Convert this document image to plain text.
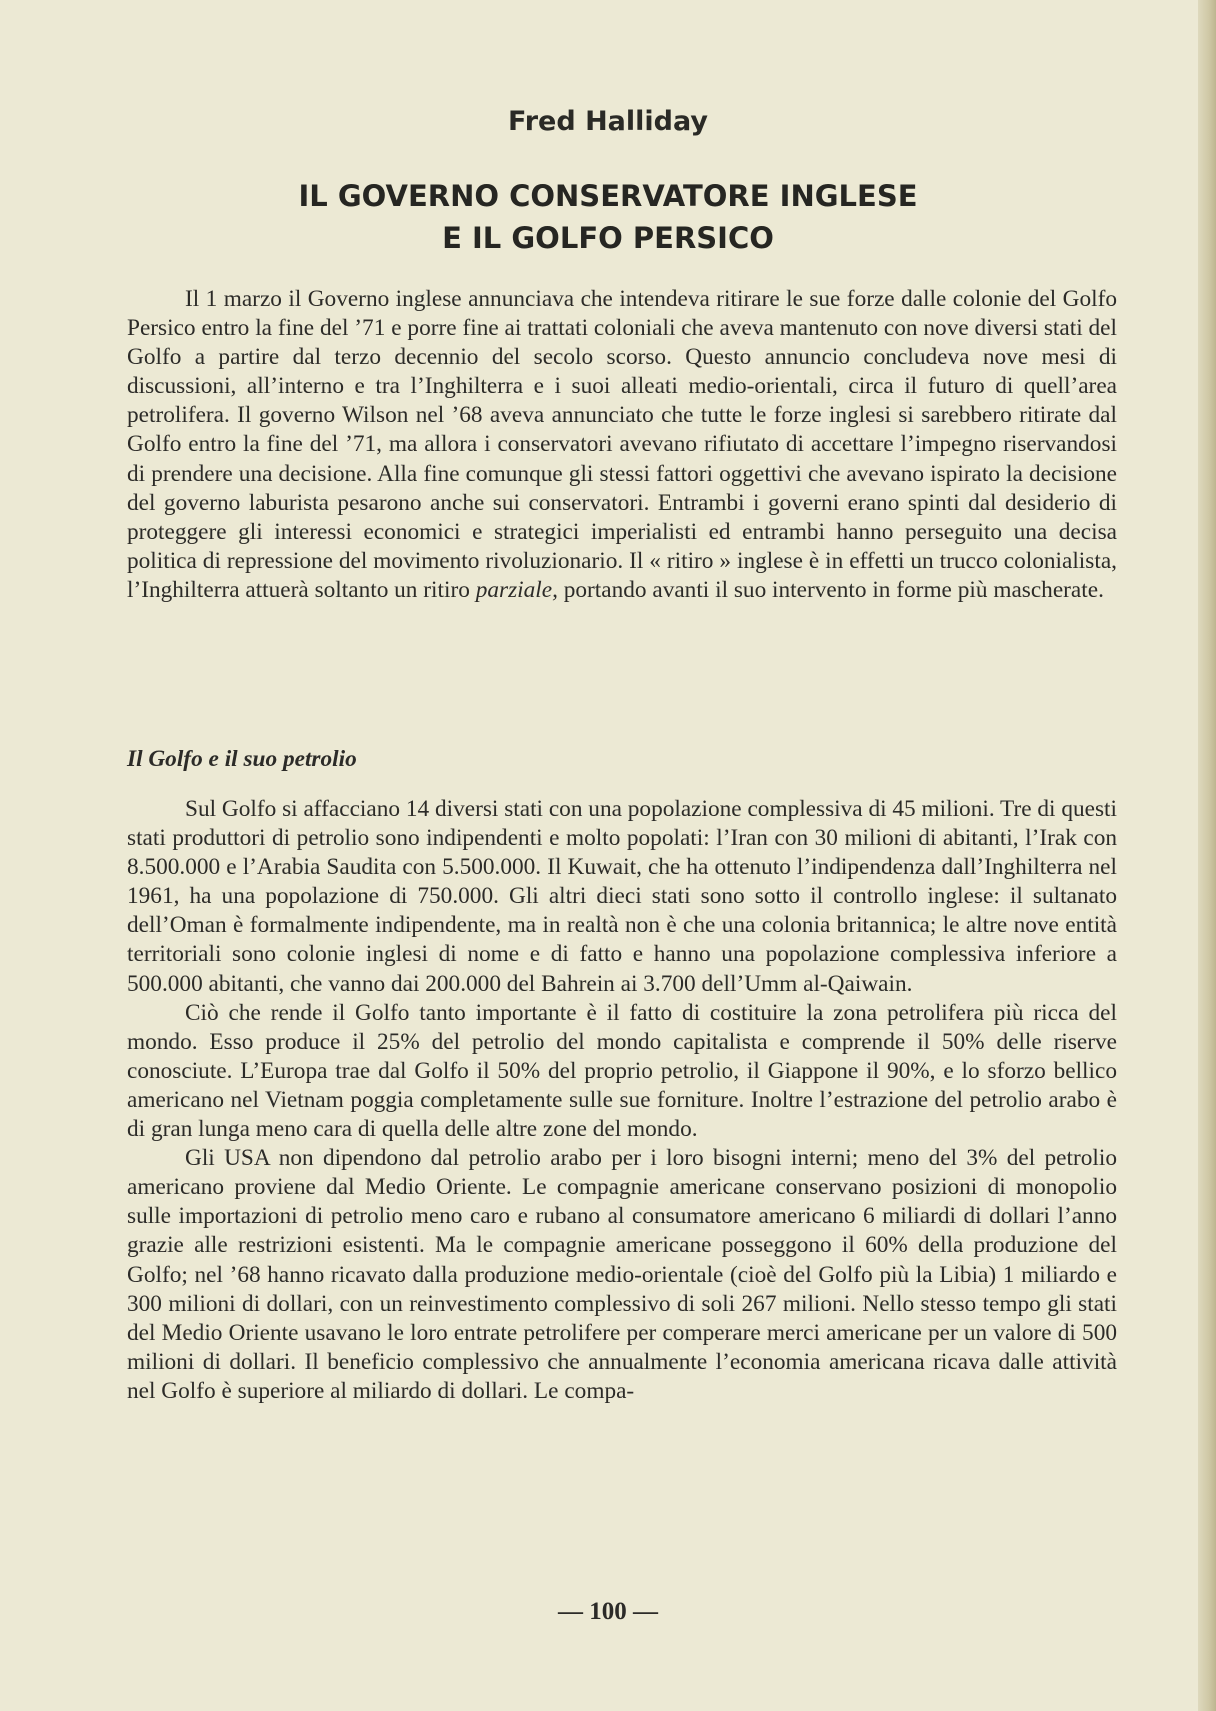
Fred Halliday
IL GOVERNO CONSERVATORE INGLESE
E IL GOLFO PERSICO

Il 1 marzo il Governo inglese annunciava che intendeva ritirare le sue forze dalle colonie del Golfo Persico entro la fine del ’71 e porre fine ai trattati coloniali che aveva mantenuto con nove diversi stati del Golfo a partire dal terzo decennio del secolo scorso. Questo annuncio concludeva nove mesi di discussioni, all’interno e tra l’Inghilterra e i suoi alleati medio-orientali, circa il futuro di quell’area petrolifera. Il governo Wilson nel ’68 aveva annunciato che tutte le forze inglesi si sarebbero ritirate dal Golfo entro la fine del ’71, ma allora i conservatori avevano rifiutato di accettare l’impegno riservandosi di prendere una decisione. Alla fine comunque gli stessi fattori oggettivi che avevano ispirato la decisione del governo laburista pesarono anche sui conservatori. Entrambi i governi erano spinti dal desiderio di proteggere gli interessi economici e strategici imperialisti ed entrambi hanno perseguito una decisa politica di repressione del movimento rivoluzionario. Il « ritiro » inglese è in effetti un trucco colonialista, l’Inghilterra attuerà soltanto un ritiro parziale, portando avanti il suo intervento in forme più mascherate.

Il Golfo e il suo petrolio

Sul Golfo si affacciano 14 diversi stati con una popolazione complessiva di 45 milioni. Tre di questi stati produttori di petrolio sono indipendenti e molto popolati: l’Iran con 30 milioni di abitanti, l’Irak con 8.500.000 e l’Arabia Saudita con 5.500.000. Il Kuwait, che ha ottenuto l’indipendenza dall’Inghilterra nel 1961, ha una popolazione di 750.000. Gli altri dieci stati sono sotto il controllo inglese: il sultanato dell’Oman è formalmente indipendente, ma in realtà non è che una colonia britannica; le altre nove entità territoriali sono colonie inglesi di nome e di fatto e hanno una popolazione complessiva inferiore a 500.000 abitanti, che vanno dai 200.000 del Bahrein ai 3.700 dell’Umm al-Qaiwain.

Ciò che rende il Golfo tanto importante è il fatto di costituire la zona petrolifera più ricca del mondo. Esso produce il 25% del petrolio del mondo capitalista e comprende il 50% delle riserve conosciute. L’Europa trae dal Golfo il 50% del proprio petrolio, il Giappone il 90%, e lo sforzo bellico americano nel Vietnam poggia completamente sulle sue forniture. Inoltre l’estrazione del petrolio arabo è di gran lunga meno cara di quella delle altre zone del mondo.

Gli USA non dipendono dal petrolio arabo per i loro bisogni interni; meno del 3% del petrolio americano proviene dal Medio Oriente. Le compagnie americane conservano posizioni di monopolio sulle importazioni di petrolio meno caro e rubano al consumatore americano 6 miliardi di dollari l’anno grazie alle restrizioni esistenti. Ma le compagnie americane posseggono il 60% della produzione del Golfo; nel ’68 hanno ricavato dalla produzione medio-orientale (cioè del Golfo più la Libia) 1 miliardo e 300 milioni di dollari, con un reinvestimento complessivo di soli 267 milioni. Nello stesso tempo gli stati del Medio Oriente usavano le loro entrate petrolifere per comperare merci americane per un valore di 500 milioni di dollari. Il beneficio complessivo che annualmente l’economia americana ricava dalle attività nel Golfo è superiore al miliardo di dollari. Le compa-

— 100 —
